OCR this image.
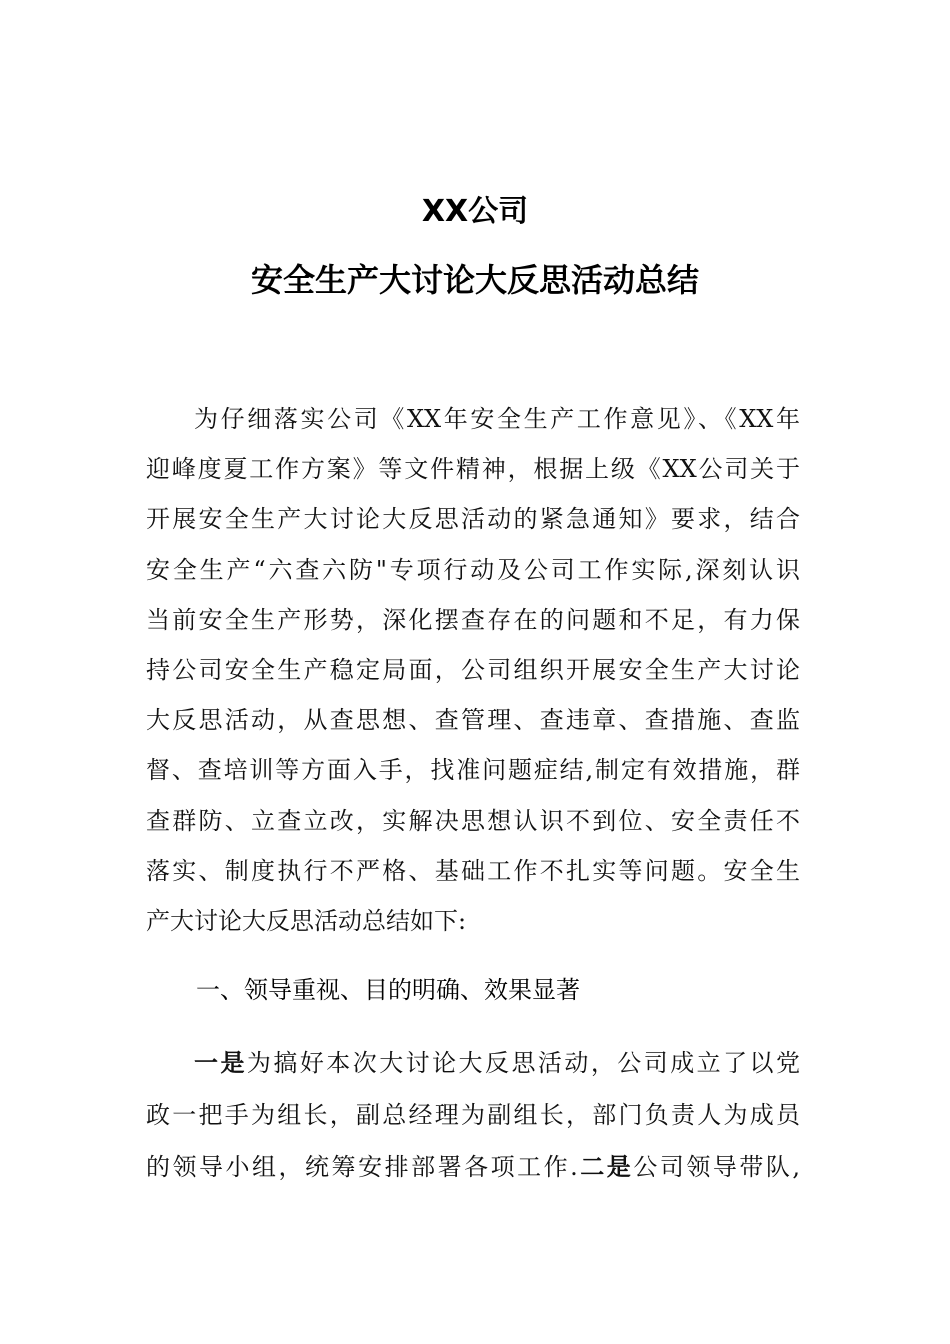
XX公司
安全生产大讨论大反思活动总结
为仔细落实公司《XX年安全生产工作意见》、《XX年
迎峰度夏工作方案》等文件精神，根据上级《XX公司关于
开展安全生产大讨论大反思活动的紧急通知》要求，结合
安全生产“六查六防"专项行动及公司工作实际,深刻认识
当前安全生产形势，深化摆查存在的问题和不足，有力保
持公司安全生产稳定局面，公司组织开展安全生产大讨论
大反思活动，从查思想、查管理、查违章、查措施、查监
督、查培训等方面入手，找准问题症结,制定有效措施，群
查群防、立查立改，实解决思想认识不到位、安全责任不
落实、制度执行不严格、基础工作不扎实等问题。安全生
产大讨论大反思活动总结如下:
一、领导重视、目的明确、效果显著
一是为搞好本次大讨论大反思活动，公司成立了以党
政一把手为组长，副总经理为副组长，部门负责人为成员
的领导小组，统筹安排部署各项工作.二是公司领导带队,
